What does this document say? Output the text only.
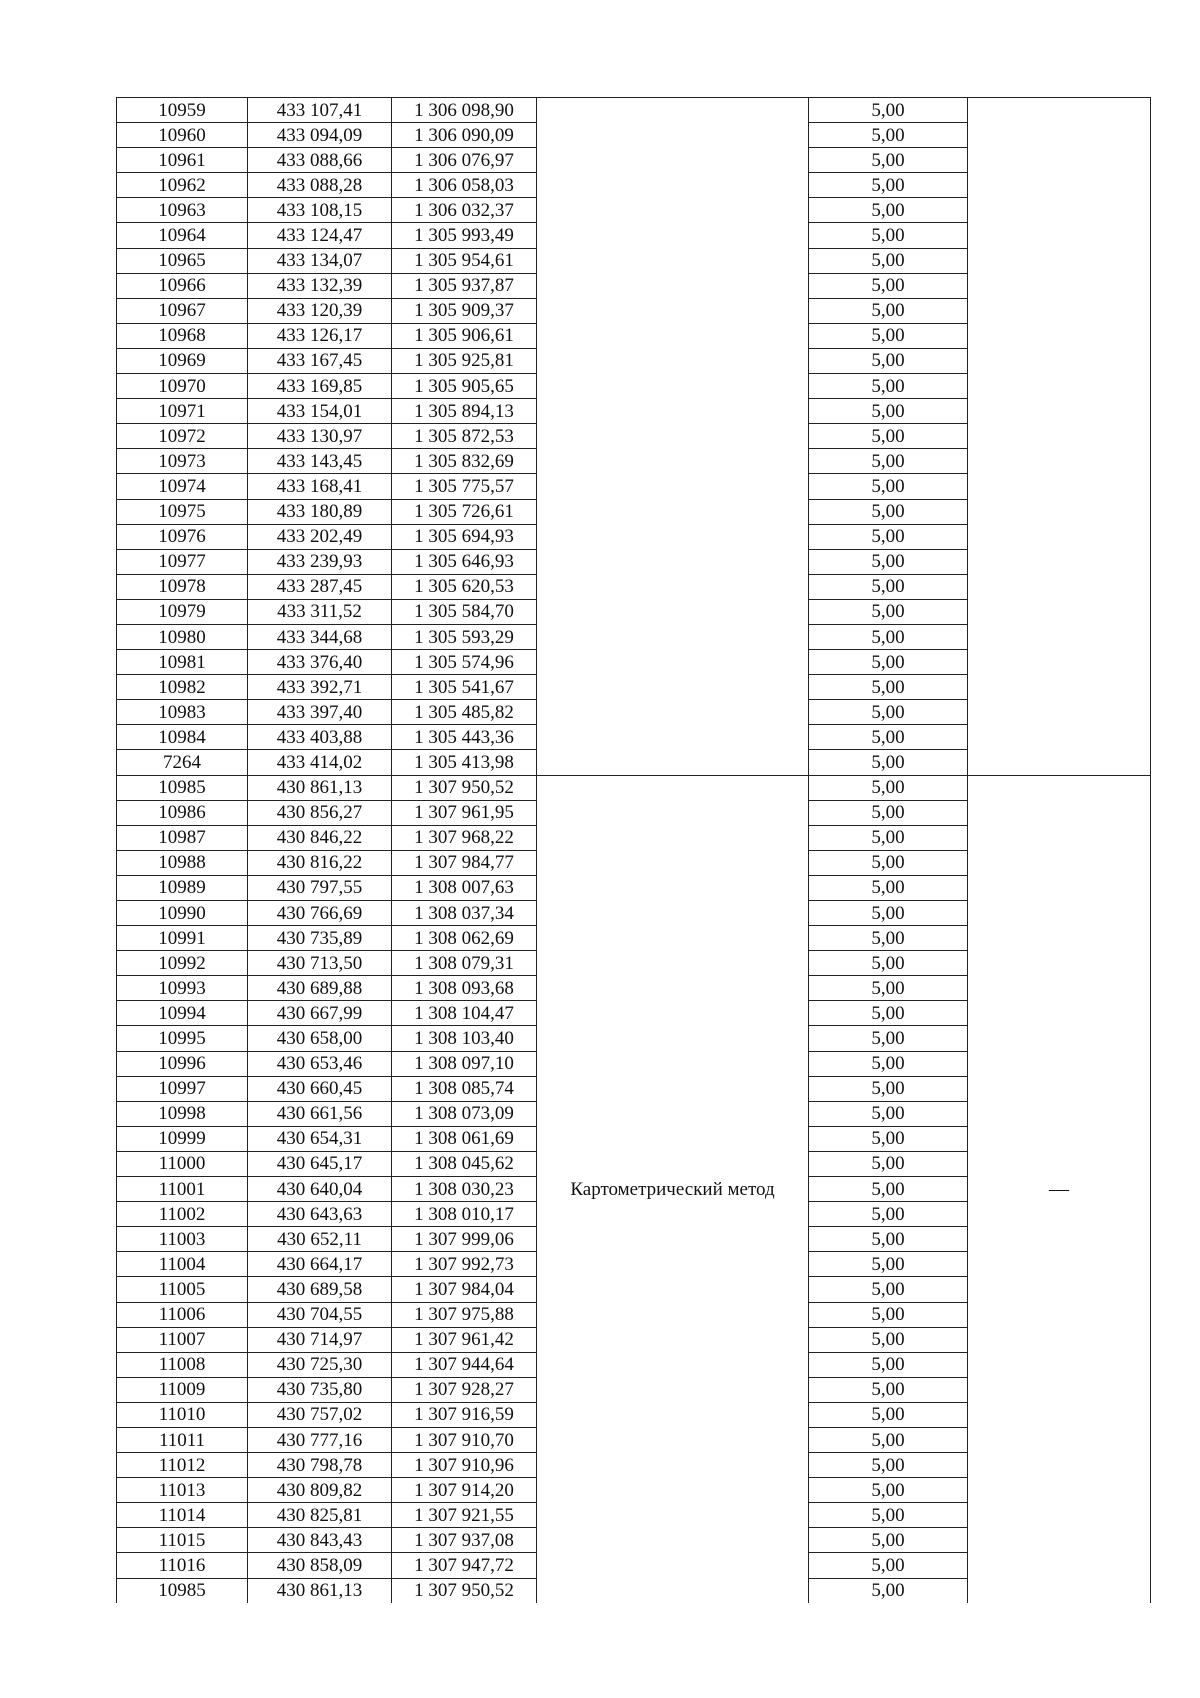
10959	433 107,41	1 306 098,90		5,00	
10960	433 094,09	1 306 090,09		5,00	
10961	433 088,66	1 306 076,97		5,00	
10962	433 088,28	1 306 058,03		5,00	
10963	433 108,15	1 306 032,37		5,00	
10964	433 124,47	1 305 993,49		5,00	
10965	433 134,07	1 305 954,61		5,00	
10966	433 132,39	1 305 937,87		5,00	
10967	433 120,39	1 305 909,37		5,00	
10968	433 126,17	1 305 906,61		5,00	
10969	433 167,45	1 305 925,81		5,00	
10970	433 169,85	1 305 905,65		5,00	
10971	433 154,01	1 305 894,13		5,00	
10972	433 130,97	1 305 872,53		5,00	
10973	433 143,45	1 305 832,69		5,00	
10974	433 168,41	1 305 775,57		5,00	
10975	433 180,89	1 305 726,61		5,00	
10976	433 202,49	1 305 694,93		5,00	
10977	433 239,93	1 305 646,93		5,00	
10978	433 287,45	1 305 620,53		5,00	
10979	433 311,52	1 305 584,70		5,00	
10980	433 344,68	1 305 593,29		5,00	
10981	433 376,40	1 305 574,96		5,00	
10982	433 392,71	1 305 541,67		5,00	
10983	433 397,40	1 305 485,82		5,00	
10984	433 403,88	1 305 443,36		5,00	
7264	433 414,02	1 305 413,98		5,00	
10985	430 861,13	1 307 950,52	Картометрический метод	5,00	—
10986	430 856,27	1 307 961,95		5,00	
10987	430 846,22	1 307 968,22		5,00	
10988	430 816,22	1 307 984,77		5,00	
10989	430 797,55	1 308 007,63		5,00	
10990	430 766,69	1 308 037,34		5,00	
10991	430 735,89	1 308 062,69		5,00	
10992	430 713,50	1 308 079,31		5,00	
10993	430 689,88	1 308 093,68		5,00	
10994	430 667,99	1 308 104,47		5,00	
10995	430 658,00	1 308 103,40		5,00	
10996	430 653,46	1 308 097,10		5,00	
10997	430 660,45	1 308 085,74		5,00	
10998	430 661,56	1 308 073,09		5,00	
10999	430 654,31	1 308 061,69		5,00	
11000	430 645,17	1 308 045,62		5,00	
11001	430 640,04	1 308 030,23		5,00	
11002	430 643,63	1 308 010,17		5,00	
11003	430 652,11	1 307 999,06		5,00	
11004	430 664,17	1 307 992,73		5,00	
11005	430 689,58	1 307 984,04		5,00	
11006	430 704,55	1 307 975,88		5,00	
11007	430 714,97	1 307 961,42		5,00	
11008	430 725,30	1 307 944,64		5,00	
11009	430 735,80	1 307 928,27		5,00	
11010	430 757,02	1 307 916,59		5,00	
11011	430 777,16	1 307 910,70		5,00	
11012	430 798,78	1 307 910,96		5,00	
11013	430 809,82	1 307 914,20		5,00	
11014	430 825,81	1 307 921,55		5,00	
11015	430 843,43	1 307 937,08		5,00	
11016	430 858,09	1 307 947,72		5,00	
10985	430 861,13	1 307 950,52		5,00	
